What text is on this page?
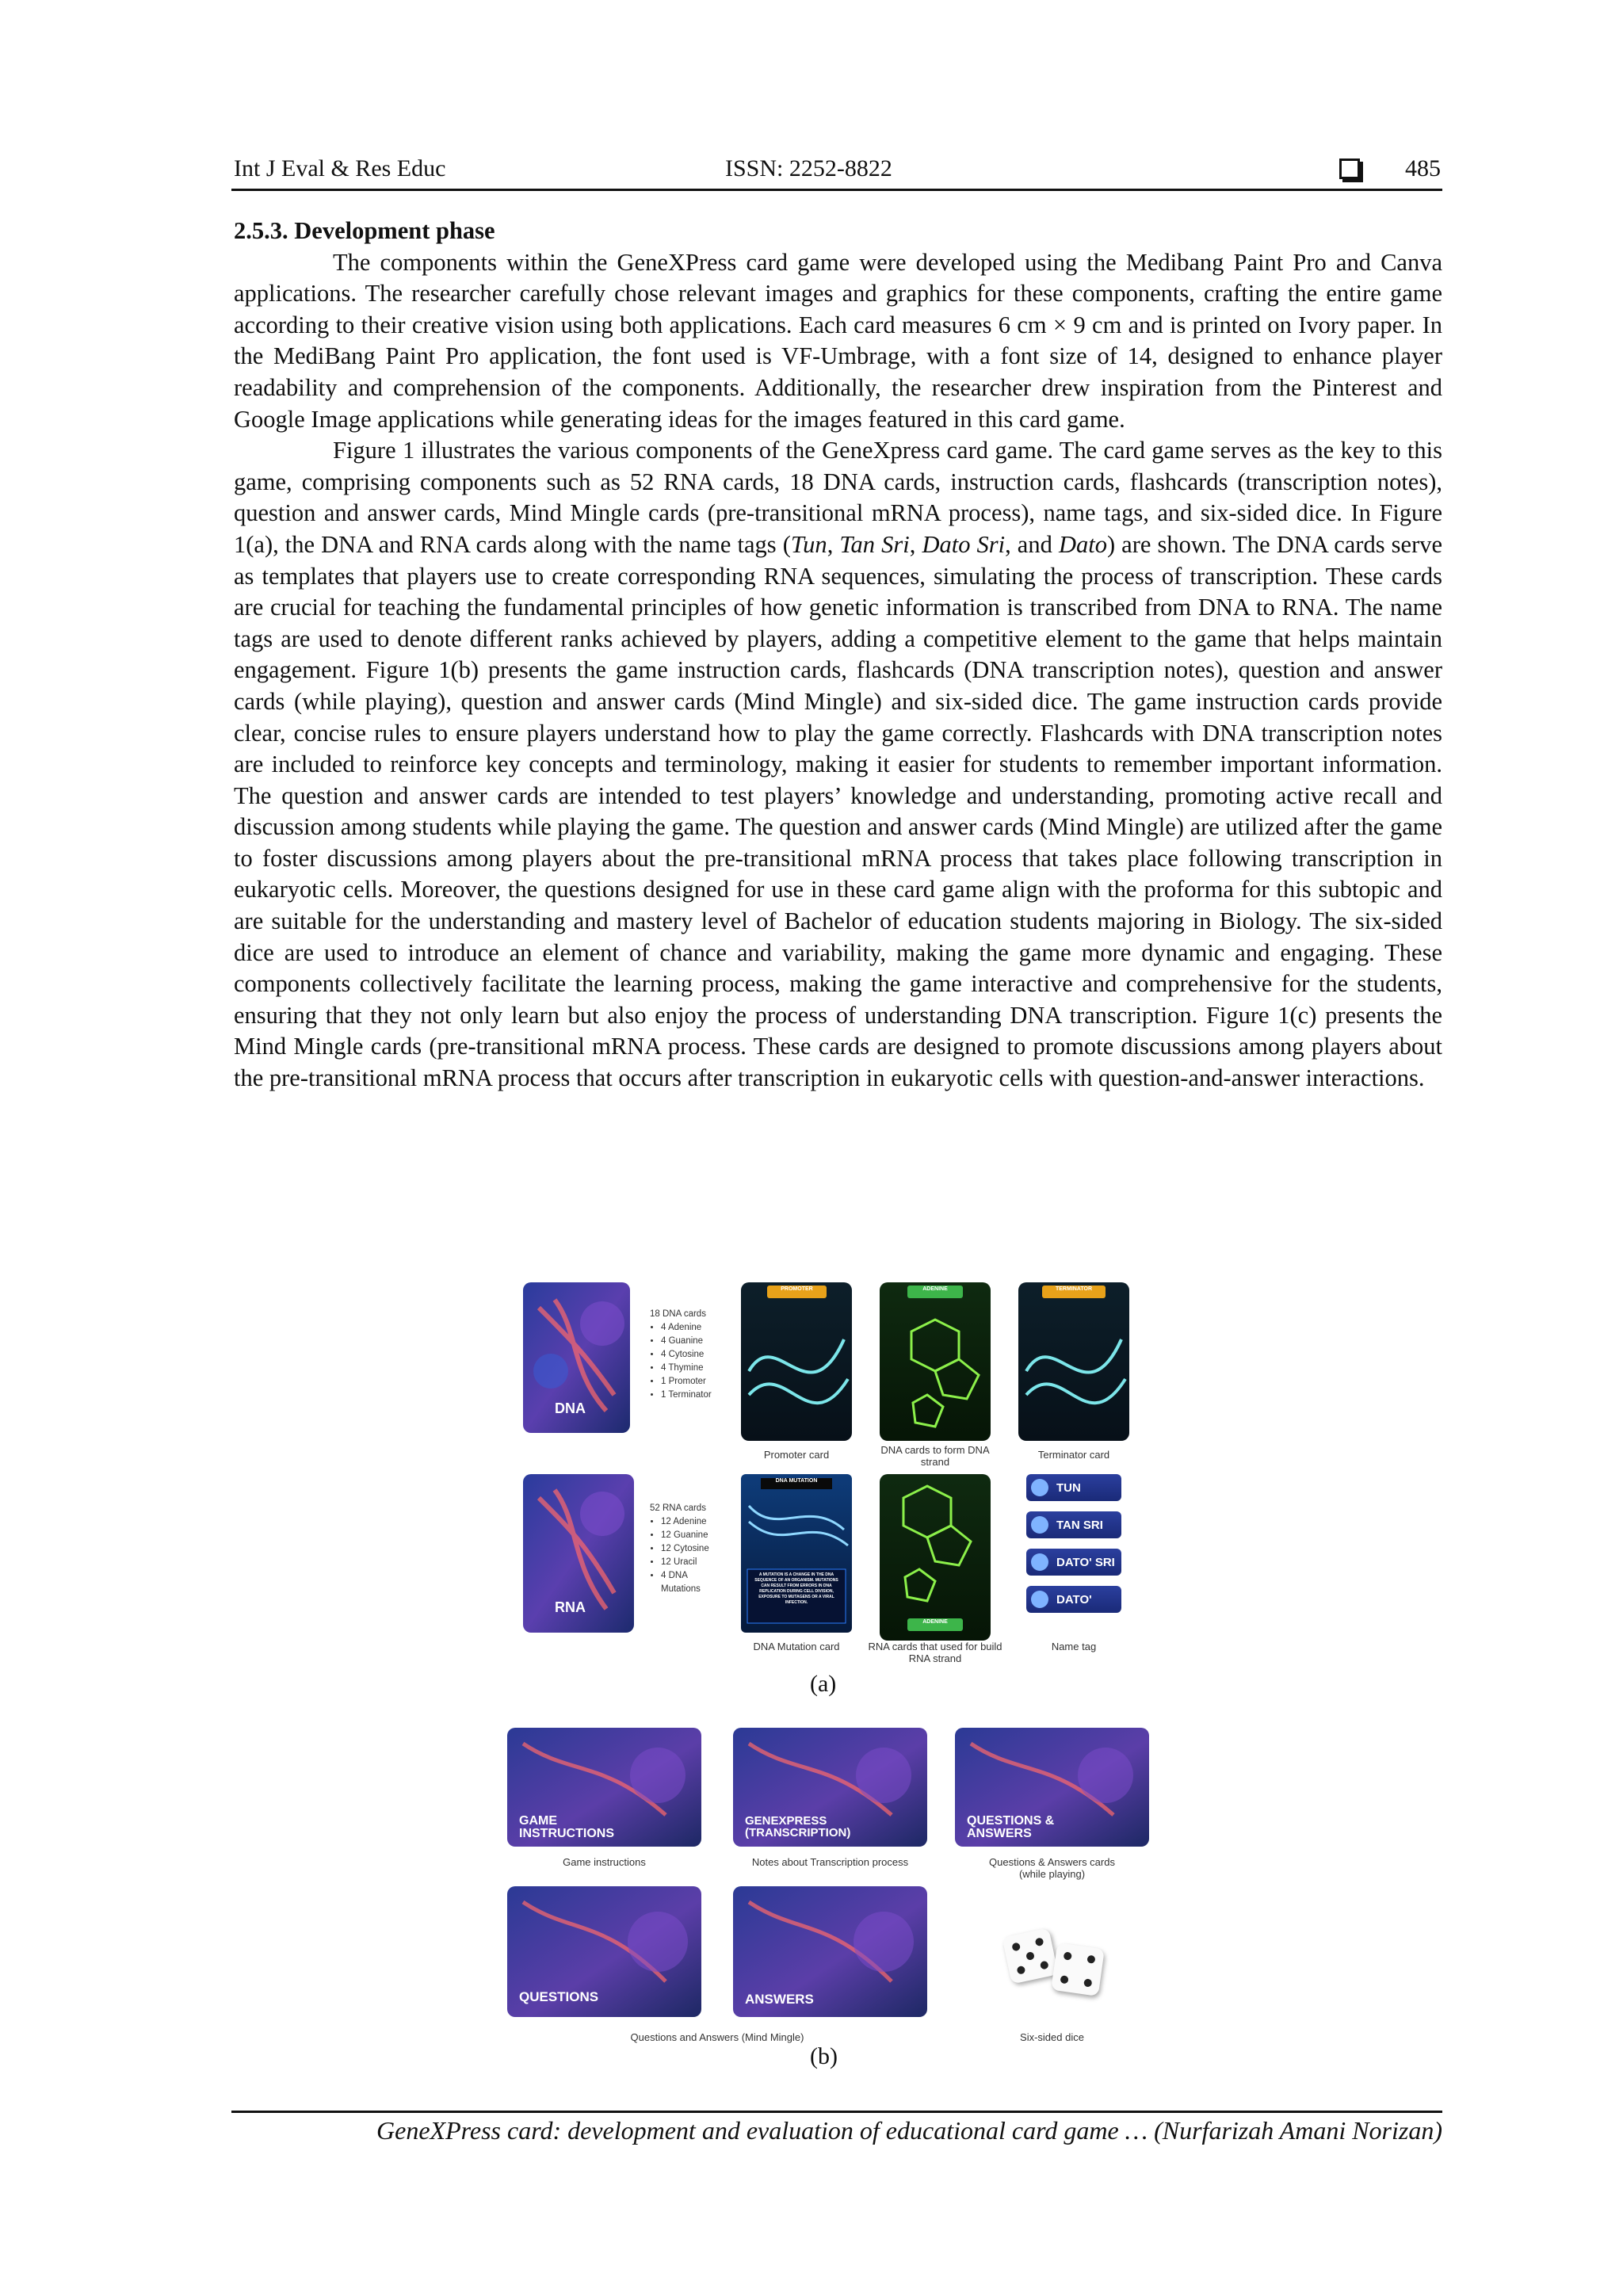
Int J Eval & Res Educ	ISSN: 2252-8822	485
2.5.3. Development phase

The components within the GeneXPress card game were developed using the Medibang Paint Pro and Canva applications. The researcher carefully chose relevant images and graphics for these components, crafting the entire game according to their creative vision using both applications. Each card measures 6 cm × 9 cm and is printed on Ivory paper. In the MediBang Paint Pro application, the font used is VF-Umbrage, with a font size of 14, designed to enhance player readability and comprehension of the components. Additionally, the researcher drew inspiration from the Pinterest and Google Image applications while generating ideas for the images featured in this card game.

Figure 1 illustrates the various components of the GeneXpress card game. The card game serves as the key to this game, comprising components such as 52 RNA cards, 18 DNA cards, instruction cards, flashcards (transcription notes), question and answer cards, Mind Mingle cards (pre-transitional mRNA process), name tags, and six-sided dice. In Figure 1(a), the DNA and RNA cards along with the name tags (Tun, Tan Sri, Dato Sri, and Dato) are shown. The DNA cards serve as templates that players use to create corresponding RNA sequences, simulating the process of transcription. These cards are crucial for teaching the fundamental principles of how genetic information is transcribed from DNA to RNA. The name tags are used to denote different ranks achieved by players, adding a competitive element to the game that helps maintain engagement. Figure 1(b) presents the game instruction cards, flashcards (DNA transcription notes), question and answer cards (while playing), question and answer cards (Mind Mingle) and six-sided dice. The game instruction cards provide clear, concise rules to ensure players understand how to play the game correctly. Flashcards with DNA transcription notes are included to reinforce key concepts and terminology, making it easier for students to remember important information. The question and answer cards are intended to test players’ knowledge and understanding, promoting active recall and discussion among students while playing the game. The question and answer cards (Mind Mingle) are utilized after the game to foster discussions among players about the pre-transitional mRNA process that takes place following transcription in eukaryotic cells. Moreover, the questions designed for use in these card game align with the proforma for this subtopic and are suitable for the understanding and mastery level of Bachelor of education students majoring in Biology. The six-sided dice are used to introduce an element of chance and variability, making the game more dynamic and engaging. These components collectively facilitate the learning process, making the game interactive and comprehensive for the students, ensuring that they not only learn but also enjoy the process of understanding DNA transcription. Figure 1(c) presents the Mind Mingle cards (pre-transitional mRNA process. These cards are designed to promote discussions among players about the pre-transitional mRNA process that occurs after transcription in eukaryotic cells with question-and-answer interactions.

DNA
RNA
PROMOTER	ADENINE	TERMINATOR
DNA MUTATION
A MUTATION IS A CHANGE IN THE DNA SEQUENCE OF AN ORGANISM. MUTATIONS CAN RESULT FROM ERRORS IN DNA REPLICATION DURING CELL DIVISION, EXPOSURE TO MUTAGENS OR A VIRAL INFECTION.
ADENINE
18 DNA cards
• 4 Adenine
• 4 Guanine
• 4 Cytosine
• 4 Thymine
• 1 Promoter
• 1 Terminator
52 RNA cards
• 12 Adenine
• 12 Guanine
• 12 Cytosine
• 12 Uracil
• 4 DNA Mutations
Promoter card	DNA cards to form DNA strand
Terminator card
DNA Mutation card	RNA cards that used for build RNA strand
Name tag
TUN
TAN SRI
DATO' SRI
DATO'
(a)
GAME INSTRUCTIONS
GENEXPRESS (TRANSCRIPTION)
QUESTIONS & ANSWERS
QUESTIONS	ANSWERS
Game instructions	Notes about Transcription process	Questions & Answers cards (while playing)
Questions and Answers (Mind Mingle)	Six-sided dice
(b)
GeneXPress card: development and evaluation of educational card game … (Nurfarizah Amani Norizan)
